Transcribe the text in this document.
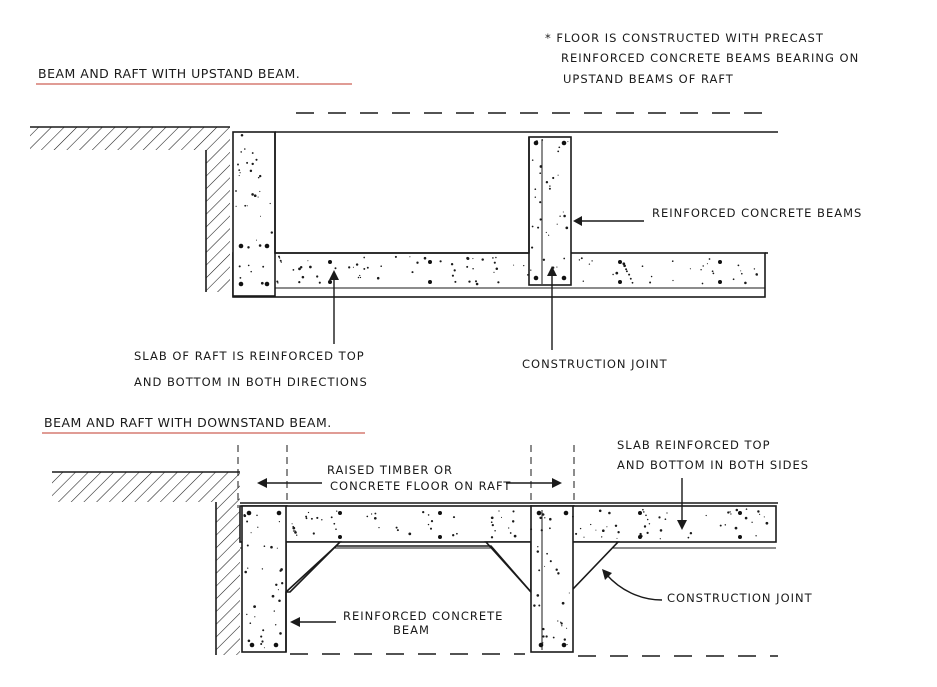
* FLOOR IS CONSTRUCTED WITH PRECAST
REINFORCED CONCRETE BEAMS BEARING ON
UPSTAND BEAMS OF RAFT
BEAM AND RAFT WITH UPSTAND BEAM.
REINFORCED CONCRETE BEAMS
SLAB OF RAFT IS REINFORCED TOP
AND BOTTOM IN BOTH DIRECTIONS
CONSTRUCTION JOINT
BEAM AND RAFT WITH DOWNSTAND BEAM.
RAISED TIMBER OR
CONCRETE FLOOR ON RAFT
SLAB REINFORCED TOP
AND BOTTOM IN BOTH SIDES
CONSTRUCTION JOINT
REINFORCED CONCRETE
BEAM
